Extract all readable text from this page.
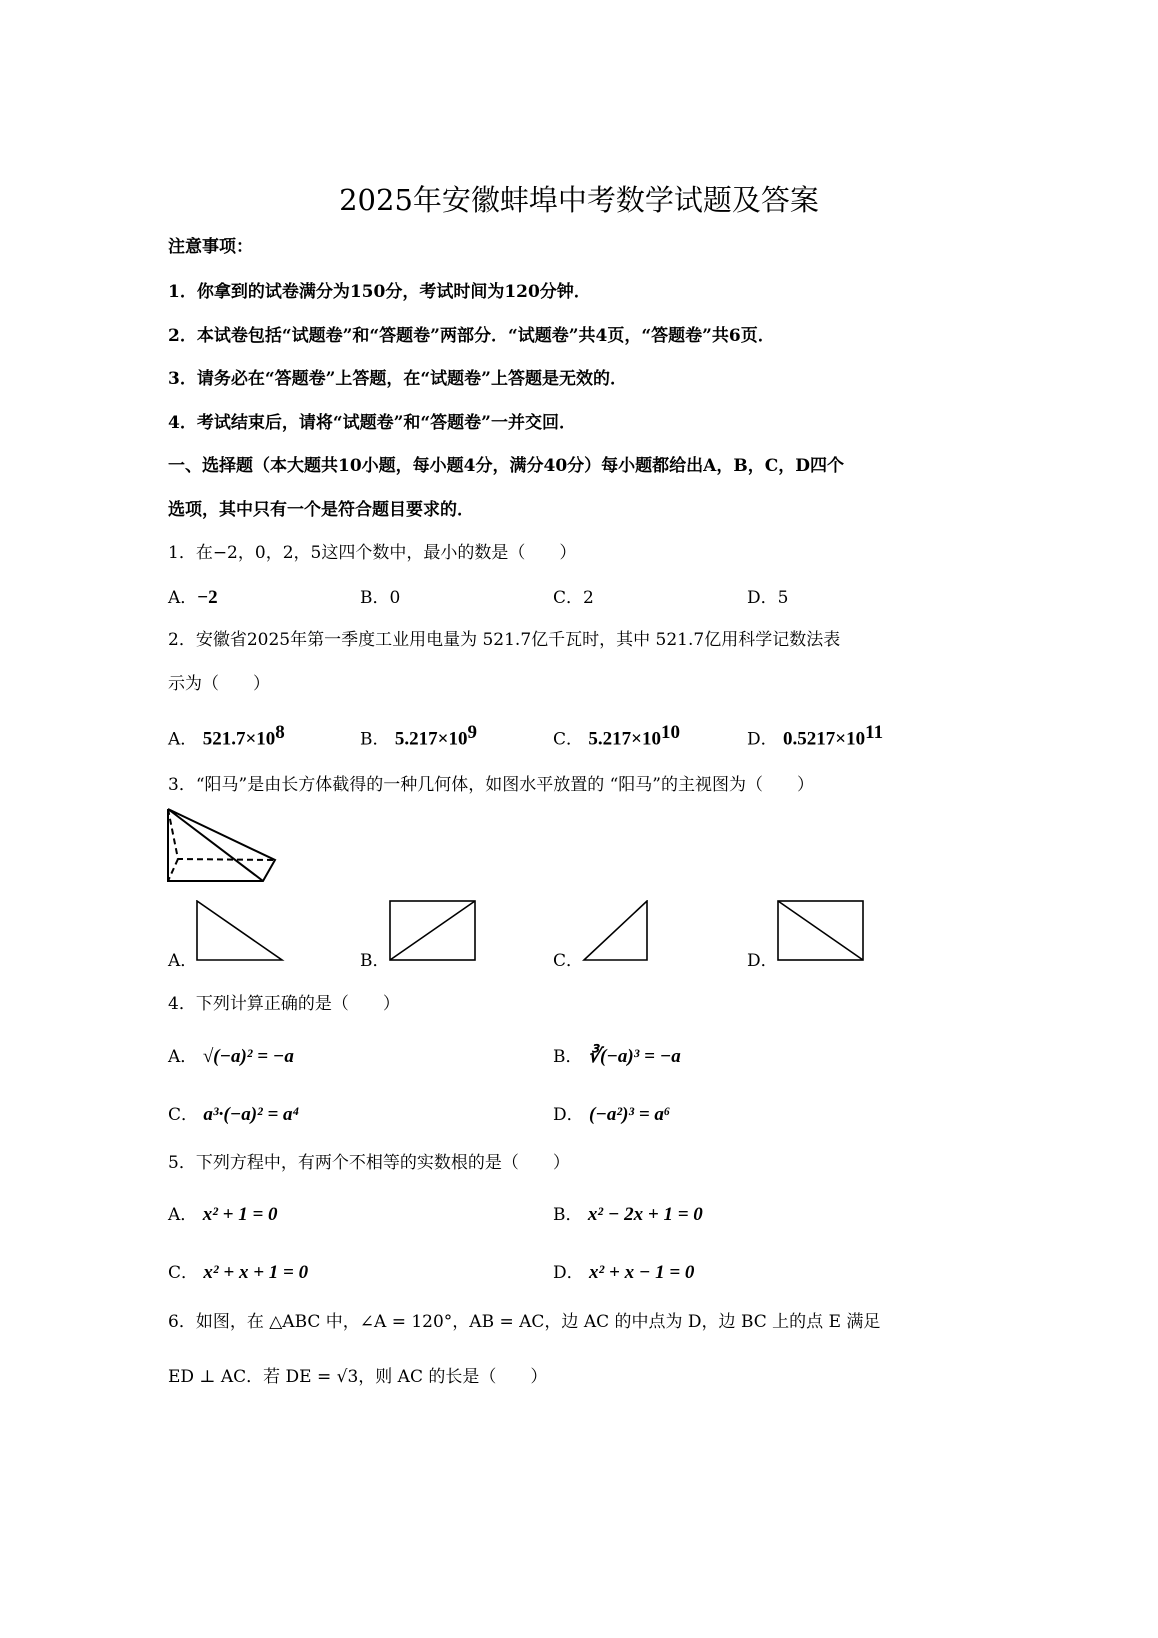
2025年安徽蚌埠中考数学试题及答案
注意事项：
1．你拿到的试卷满分为150分，考试时间为120分钟．
2．本试卷包括“试题卷”和“答题卷”两部分．“试题卷”共4页，“答题卷”共6页．
3．请务必在“答题卷”上答题，在“试题卷”上答题是无效的．
4．考试结束后，请将“试题卷”和“答题卷”一并交回．
一、选择题（本大题共10小题，每小题4分，满分40分）每小题都给出A，B，C，D四个
选项，其中只有一个是符合题目要求的．
1．在−2，0，2，5这四个数中，最小的数是（　　）
A．−2	B．0	C．2	D．5
2．安徽省2025年第一季度工业用电量为 521.7亿千瓦时，其中 521.7亿用科学记数法表
示为（　　）
A． $521.7\times 10^8$	B． $5.217\times 10^9$	C． $5.217\times 10^{10}$	D． $0.5217\times 10^{11}$
3．“阳马”是由长方体截得的一种几何体，如图水平放置的 “阳马”的主视图为（　　）
A．	B．	C．	D．
4．下列计算正确的是（　　）
A． √(−a)² = −a	B． ∛(−a)³ = −a
C． a³·(−a)² = a⁴	D． (−a²)³ = a⁶
5．下列方程中，有两个不相等的实数根的是（　　）
A． x² + 1 = 0	B． x² − 2x + 1 = 0
C． x² + x + 1 = 0	D． x² + x − 1 = 0
6．如图，在 △ABC 中，∠A = 120°，AB = AC，边 AC 的中点为 D，边 BC 上的点 E 满足
ED ⊥ AC．若 DE = √3，则 AC 的长是（　　）
